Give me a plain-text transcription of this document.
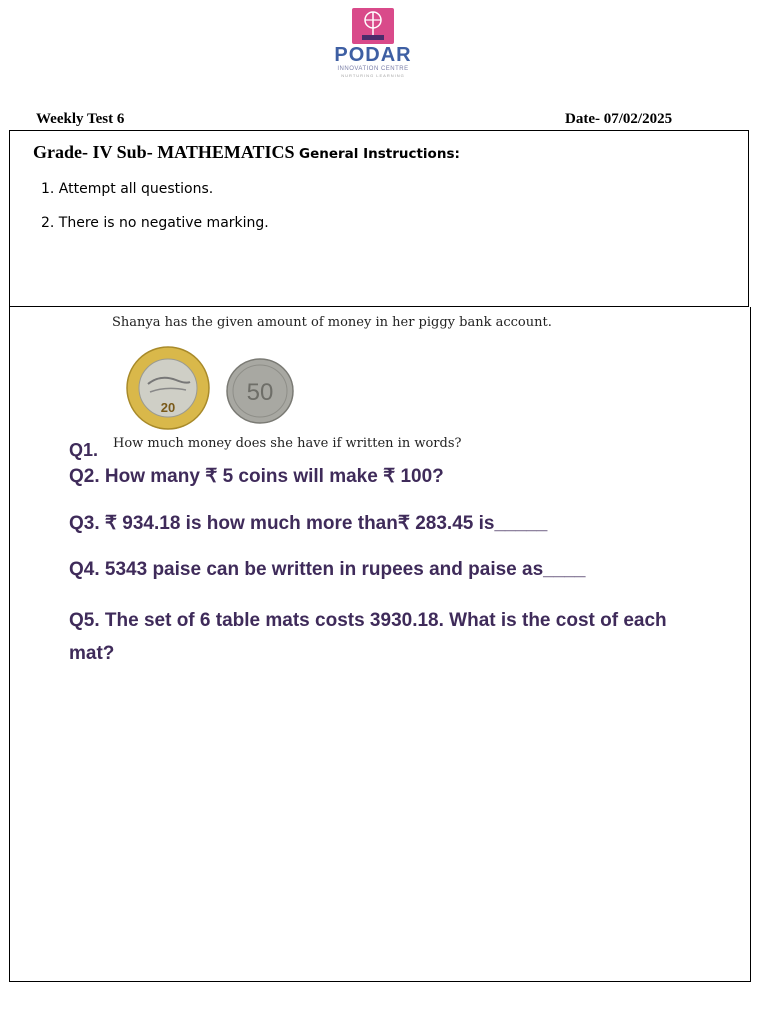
PODAR
INNOVATION CENTRE
NURTURING LEARNING
Weekly Test 6	Date- 07/02/2025
Grade- IV Sub- MATHEMATICS General Instructions:
1. Attempt all questions.
2. There is no negative marking.
Shanya has the given amount of money in her piggy bank account.
20
50
Q1. How much money does she have if written in words?
Q2. How many ₹ 5 coins will make ₹ 100?
Q3. ₹ 934.18 is how much more than₹ 283.45 is_____
Q4. 5343 paise can be written in rupees and paise as____
Q5. The set of 6 table mats costs 3930.18. What is the cost of each mat?
